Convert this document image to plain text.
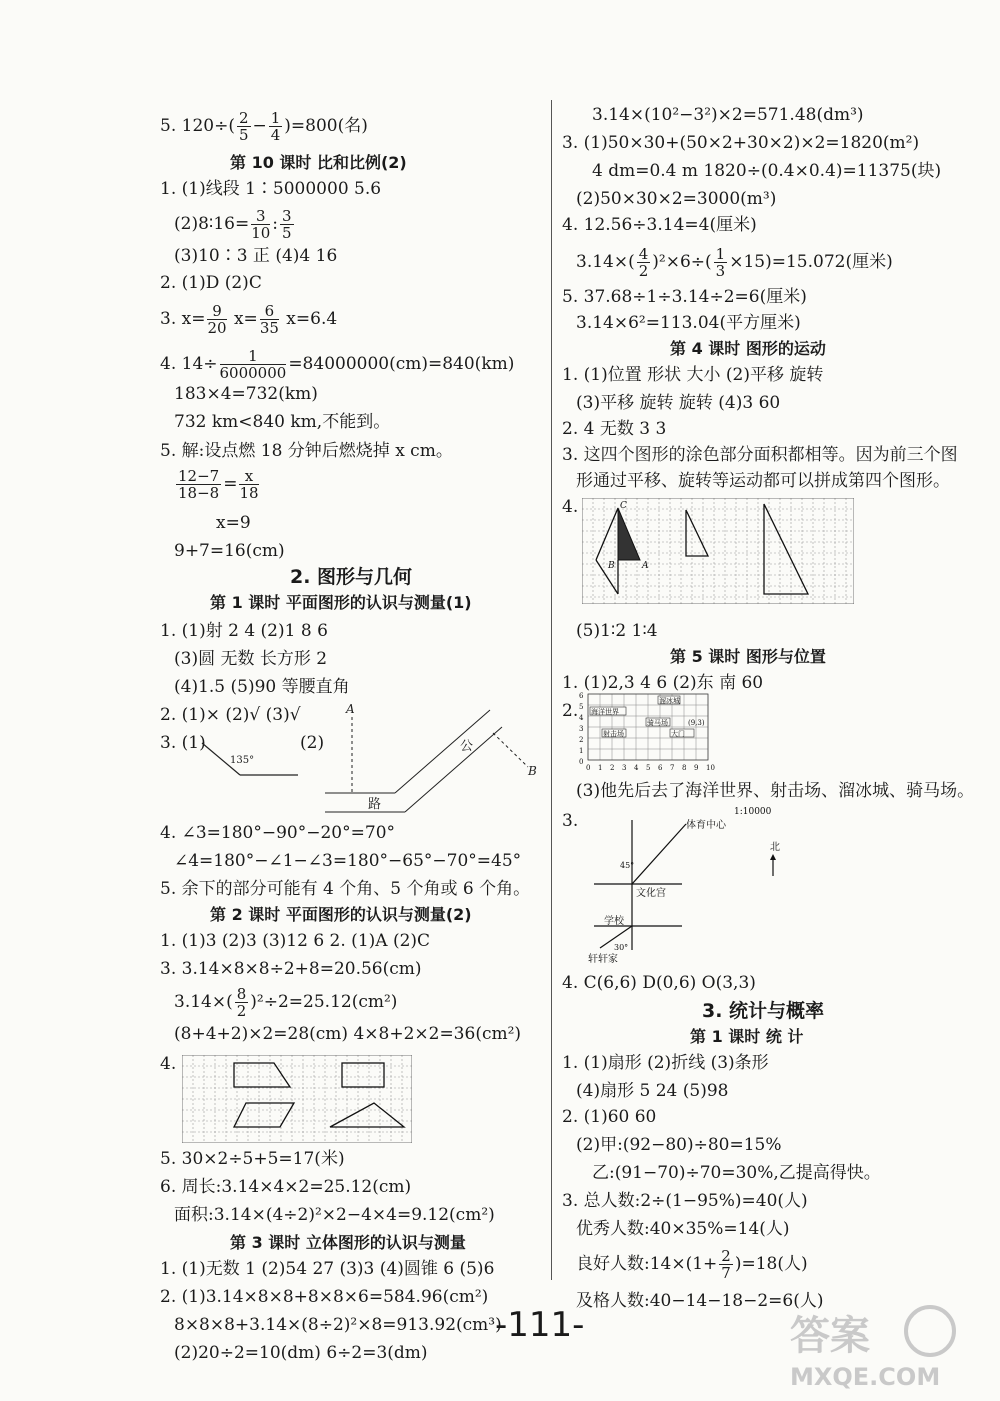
5. $120\div( \frac{2}{5} - \frac{1}{4} )=800$(名)
第 10 课时 比和比例(2)
1. (1)线段 1∶5000000 5.6
(2)8∶16= $\frac{3}{10}$ : $\frac{3}{5}$
(3)10∶3 正 (4)4 16
2. (1)D (2)C
3. $x= \frac{9}{20} x= \frac{6}{35} x=6.4$
4. $14\div \frac{1}{6000000} =84000000(cm)=840(km)$
183×4=732(km)
732 km<840 km,不能到。
5. 解:设点燃 18 分钟后燃烧掉 x cm。
$\frac{12-7}{18-8} = \frac{x}{18}$
x=9
9+7=16(cm)
2. 图形与几何
第 1 课时 平面图形的认识与测量(1)
1. (1)射 2 4 (2)1 8 6
(3)圆 无数 长方形 2
(4)1.5 (5)90 等腰直角
2. (1)× (2)√ (3)√
3. (1)	(2)
135°
A
路
公
B
4. ∠3=180°−90°−20°=70°
∠4=180°−∠1−∠3=180°−65°−70°=45°
5. 余下的部分可能有 4 个角、5 个角或 6 个角。
第 2 课时 平面图形的认识与测量(2)
1. (1)3 (2)3 (3)12 6 2. (1)A (2)C
3. 3.14×8×8÷2+8=20.56(cm)
$3.14\times( \frac{8}{2} )^2\div 2=25.12(cm^2)$
(8+4+2)×2=28(cm) 4×8+2×2=36(cm²)
4.
5. 30×2÷5+5=17(米)
6. 周长:3.14×4×2=25.12(cm)
面积:3.14×(4÷2)²×2−4×4=9.12(cm²)
第 3 课时 立体图形的认识与测量
1. (1)无数 1 (2)54 27 (3)3 (4)圆锥 6 (5)6
2. (1)3.14×8×8+8×8×6=584.96(cm²)
8×8×8+3.14×(8÷2)²×8=913.92(cm³)
(2)20÷2=10(dm) 6÷2=3(dm)
3.14×(10²−3²)×2=571.48(dm³)
3. (1)50×30+(50×2+30×2)×2=1820(m²)
4 dm=0.4 m 1820÷(0.4×0.4)=11375(块)
(2)50×30×2=3000(m³)
4. 12.56÷3.14=4(厘米)
$3.14\times( \frac{4}{2} )^2\times 6\div( \frac{1}{3} \times 15)=15.072$(厘米)
5. 37.68÷1÷3.14÷2=6(厘米)
3.14×6²=113.04(平方厘米)
第 4 课时 图形的运动
1. (1)位置 形状 大小 (2)平移 旋转
(3)平移 旋转 旋转 (4)3 60
2. 4 无数 3 3
3. 这四个图形的涂色部分面积都相等。因为前三个图
形通过平移、旋转等运动都可以拼成第四个图形。
4.	C
B	A
(5)1∶2 1∶4
第 5 课时 图形与位置
1. (1)2,3 4 6 (2)东 南 60
2.	溜冰城
海洋世界
骑马场	(9,3)
射击场	大门
6
5
4
3
2
1
0
0 1 2 3 4 5 6 7 8 9 10
(3)他先后去了海洋世界、射击场、溜冰城、骑马场。
3.	1:10000
体育中心
45°
文化宫
学校
30°
轩轩家
北
4. C(6,6) D(0,6) O(3,3)
3. 统计与概率
第 1 课时 统 计
1. (1)扇形 (2)折线 (3)条形
(4)扇形 5 24 (5)98
2. (1)60 60
(2)甲:(92−80)÷80=15%
乙:(91−70)÷70=30%,乙提高得快。
3. 总人数:2÷(1−95%)=40(人)
优秀人数:40×35%=14(人)
良好人数:14×(1+ $\frac{2}{7} )=18$(人)
及格人数:40−14−18−2=6(人)
-111-	答案
MXQE.COM
